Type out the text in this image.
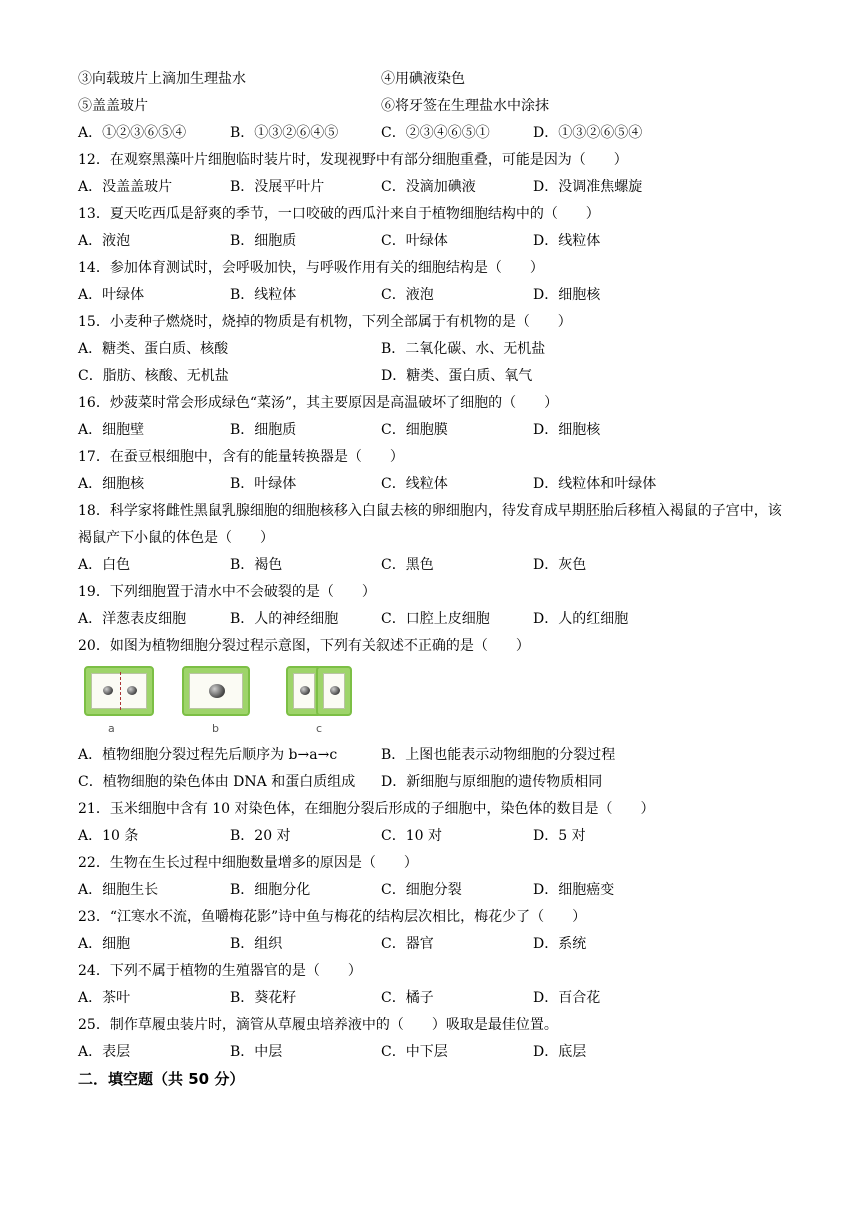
③向载玻片上滴加生理盐水	④用碘液染色
⑤盖盖玻片	⑥将牙签在生理盐水中涂抹
A．①②③⑥⑤④	B．①③②⑥④⑤	C．②③④⑥⑤①	D．①③②⑥⑤④
12．在观察黑藻叶片细胞临时装片时，发现视野中有部分细胞重叠，可能是因为（　　）
A．没盖盖玻片	B．没展平叶片	C．没滴加碘液	D．没调准焦螺旋
13．夏天吃西瓜是舒爽的季节，一口咬破的西瓜汁来自于植物细胞结构中的（　　）
A．液泡	B．细胞质	C．叶绿体	D．线粒体
14．参加体育测试时，会呼吸加快，与呼吸作用有关的细胞结构是（　　）
A．叶绿体	B．线粒体	C．液泡	D．细胞核
15．小麦种子燃烧时，烧掉的物质是有机物，下列全部属于有机物的是（　　）
A．糖类、蛋白质、核酸	B．二氧化碳、水、无机盐
C．脂肪、核酸、无机盐	D．糖类、蛋白质、氧气
16．炒菠菜时常会形成绿色“菜汤”，其主要原因是高温破坏了细胞的（　　）
A．细胞壁	B．细胞质	C．细胞膜	D．细胞核
17．在蚕豆根细胞中，含有的能量转换器是（　　）
A．细胞核	B．叶绿体	C．线粒体	D．线粒体和叶绿体
18．科学家将雌性黑鼠乳腺细胞的细胞核移入白鼠去核的卵细胞内，待发育成早期胚胎后移植入褐鼠的子宫中，该褐鼠产下小鼠的体色是（　　）
A．白色	B．褐色	C．黑色	D．灰色
19．下列细胞置于清水中不会破裂的是（　　）
A．洋葱表皮细胞	B．人的神经细胞	C．口腔上皮细胞	D．人的红细胞
20．如图为植物细胞分裂过程示意图，下列有关叙述不正确的是（　　）
a	b	c
A．植物细胞分裂过程先后顺序为 b→a→c	B．上图也能表示动物细胞的分裂过程
C．植物细胞的染色体由 DNA 和蛋白质组成 D．新细胞与原细胞的遗传物质相同
21．玉米细胞中含有 10 对染色体，在细胞分裂后形成的子细胞中，染色体的数目是（　　）
A．10 条	B．20 对	C．10 对	D．5 对
22．生物在生长过程中细胞数量增多的原因是（　　）
A．细胞生长	B．细胞分化	C．细胞分裂	D．细胞癌变
23．“江寒水不流，鱼嚼梅花影”诗中鱼与梅花的结构层次相比，梅花少了（　　）
A．细胞	B．组织	C．器官	D．系统
24．下列不属于植物的生殖器官的是（　　）
A．茶叶	B．葵花籽	C．橘子	D．百合花
25．制作草履虫装片时，滴管从草履虫培养液中的（　　）吸取是最佳位置。
A．表层	B．中层	C．中下层	D．底层
二．填空题（共 50 分）
